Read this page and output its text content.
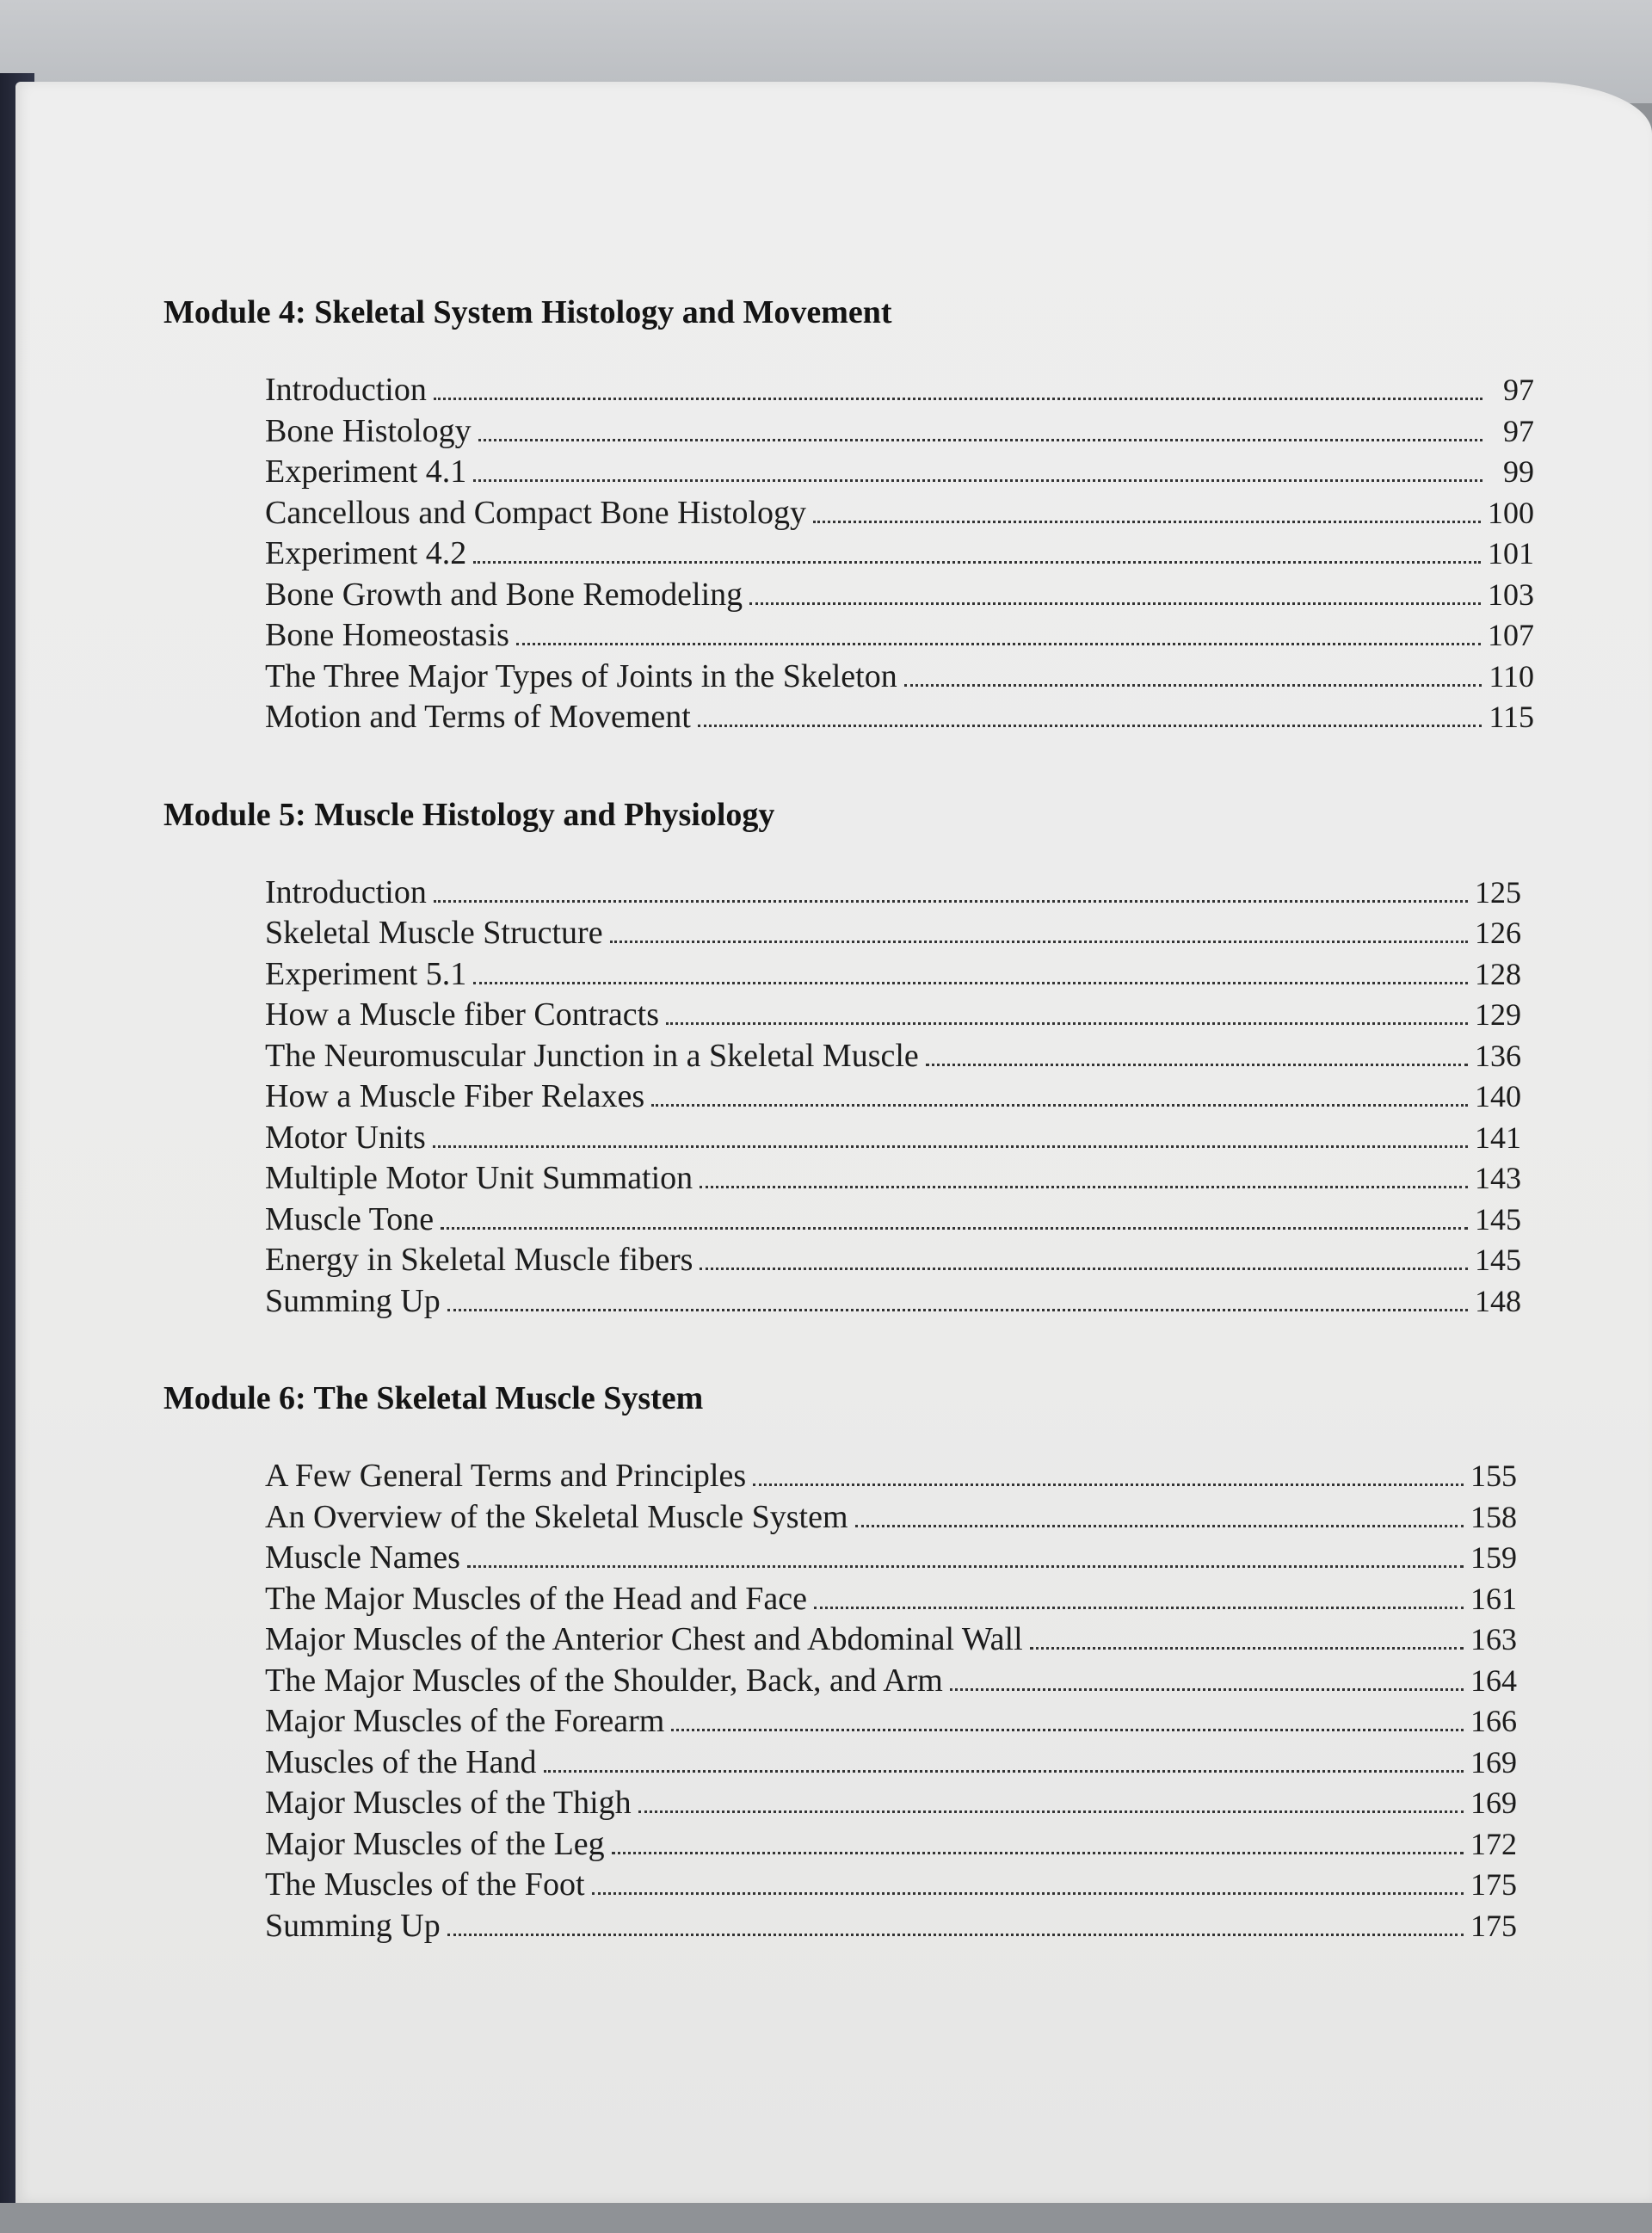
Module 4: Skeletal System Histology and Movement
Introduction	97
Bone Histology	97
Experiment 4.1	99
Cancellous and Compact Bone Histology	100
Experiment 4.2	101
Bone Growth and Bone Remodeling	103
Bone Homeostasis	107
The Three Major Types of Joints in the Skeleton	110
Motion and Terms of Movement	115
Module 5: Muscle Histology and Physiology
Introduction	125
Skeletal Muscle Structure	126
Experiment 5.1	128
How a Muscle fiber Contracts	129
The Neuromuscular Junction in a Skeletal Muscle	136
How a Muscle Fiber Relaxes	140
Motor Units	141
Multiple Motor Unit Summation	143
Muscle Tone	145
Energy in Skeletal Muscle fibers	145
Summing Up	148
Module 6: The Skeletal Muscle System
A Few General Terms and Principles	155
An Overview of the Skeletal Muscle System	158
Muscle Names	159
The Major Muscles of the Head and Face	161
Major Muscles of the Anterior Chest and Abdominal Wall	163
The Major Muscles of the Shoulder, Back, and Arm	164
Major Muscles of the Forearm	166
Muscles of the Hand	169
Major Muscles of the Thigh	169
Major Muscles of the Leg	172
The Muscles of the Foot	175
Summing Up	175
